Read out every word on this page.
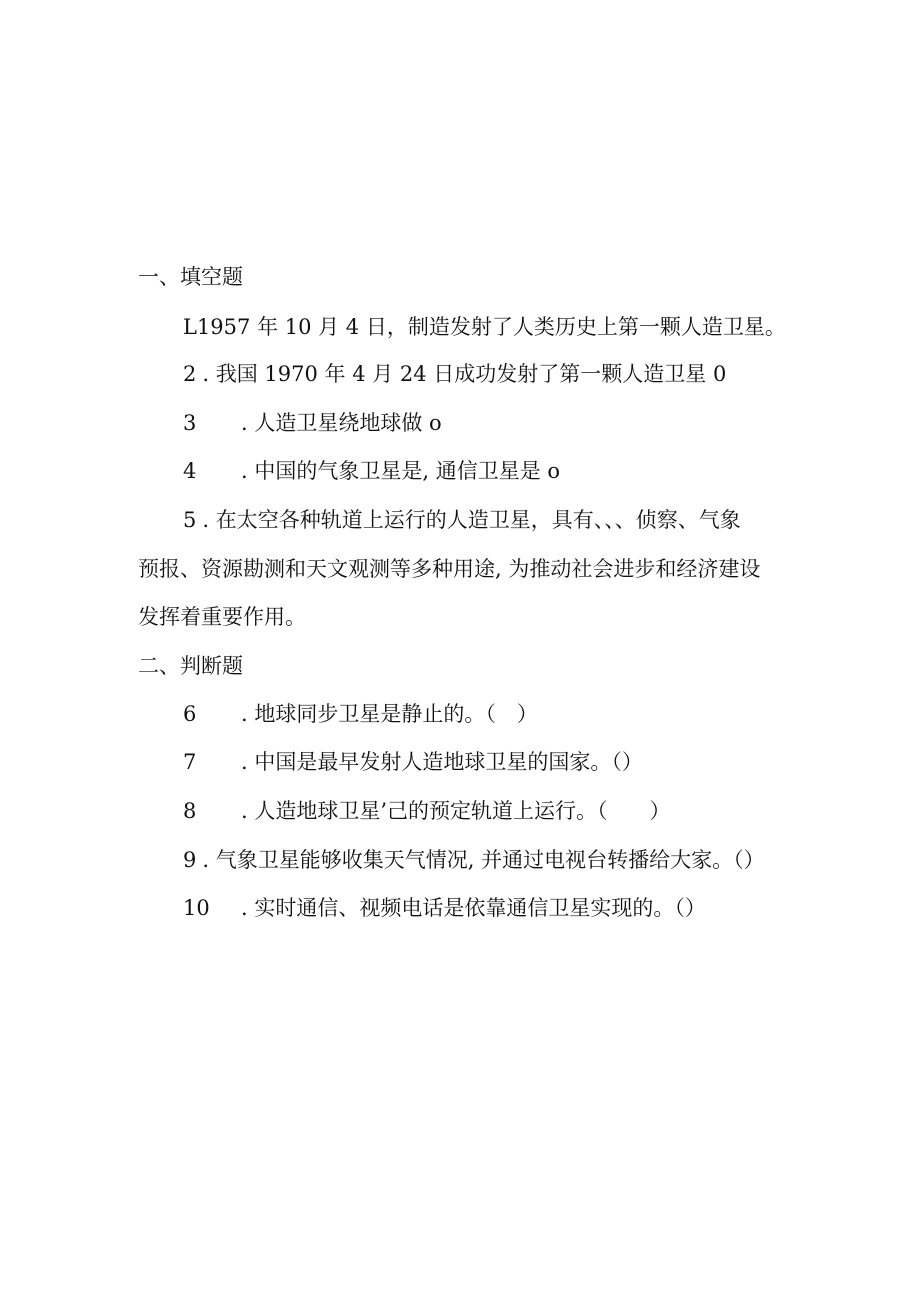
一、填空题
L1957 年 10 月 4 日，制造发射了人类历史上第一颗人造卫星。
2 . 我国 1970 年 4 月 24 日成功发射了第一颗人造卫星 0
3 . 人造卫星绕地球做 o
4 . 中国的气象卫星是, 通信卫星是 o
5 . 在太空各种轨道上运行的人造卫星，具有、、、侦察、气象
预报、资源勘测和天文观测等多种用途, 为推动社会进步和经济建设
发挥着重要作用。
二、判断题
6 . 地球同步卫星是静止的。（　）
7 . 中国是最早发射人造地球卫星的国家。（）
8 . 人造地球卫星’己的预定轨道上运行。（　　）
9 . 气象卫星能够收集天气情况, 并通过电视台转播给大家。（）
10 . 实时通信、视频电话是依靠通信卫星实现的。（）
